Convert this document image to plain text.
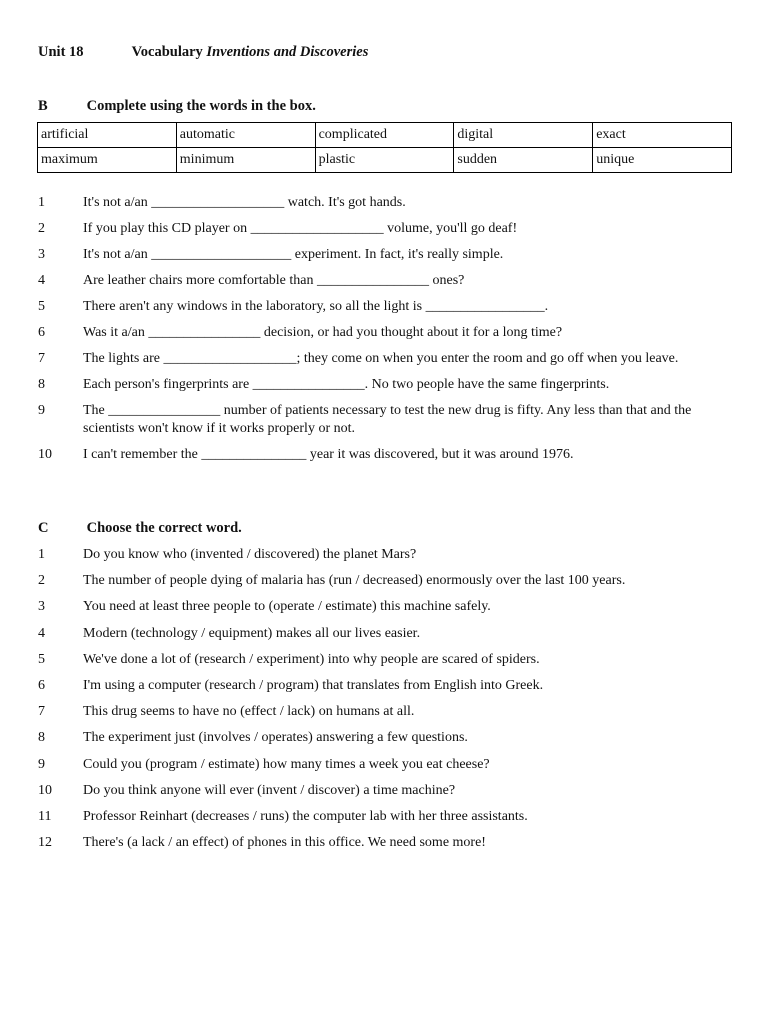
Unit 18	Vocabulary Inventions and Discoveries
B	Complete using the words in the box.
artificial	automatic	complicated	digital	exact
maximum	minimum	plastic	sudden	unique
1	It's not a/an ___________________ watch. It's got hands.
2	If you play this CD player on ___________________ volume, you'll go deaf!
3	It's not a/an ____________________ experiment. In fact, it's really simple.
4	Are leather chairs more comfortable than ________________ ones?
5	There aren't any windows in the laboratory, so all the light is _________________.
6	Was it a/an ________________ decision, or had you thought about it for a long time?
7	The lights are ___________________; they come on when you enter the room and go off when you leave.
8	Each person's fingerprints are ________________. No two people have the same fingerprints.
9	The ________________ number of patients necessary to test the new drug is fifty. Any less than that and the scientists won't know if it works properly or not.
10	I can't remember the _______________ year it was discovered, but it was around 1976.
C	Choose the correct word.
1	Do you know who (invented / discovered) the planet Mars?
2	The number of people dying of malaria has (run / decreased) enormously over the last 100 years.
3	You need at least three people to (operate / estimate) this machine safely.
4	Modern (technology / equipment) makes all our lives easier.
5	We've done a lot of (research / experiment) into why people are scared of spiders.
6	I'm using a computer (research / program) that translates from English into Greek.
7	This drug seems to have no (effect / lack) on humans at all.
8	The experiment just (involves / operates) answering a few questions.
9	Could you (program / estimate) how many times a week you eat cheese?
10	Do you think anyone will ever (invent / discover) a time machine?
11	Professor Reinhart (decreases / runs) the computer lab with her three assistants.
12	There's (a lack / an effect) of phones in this office. We need some more!
